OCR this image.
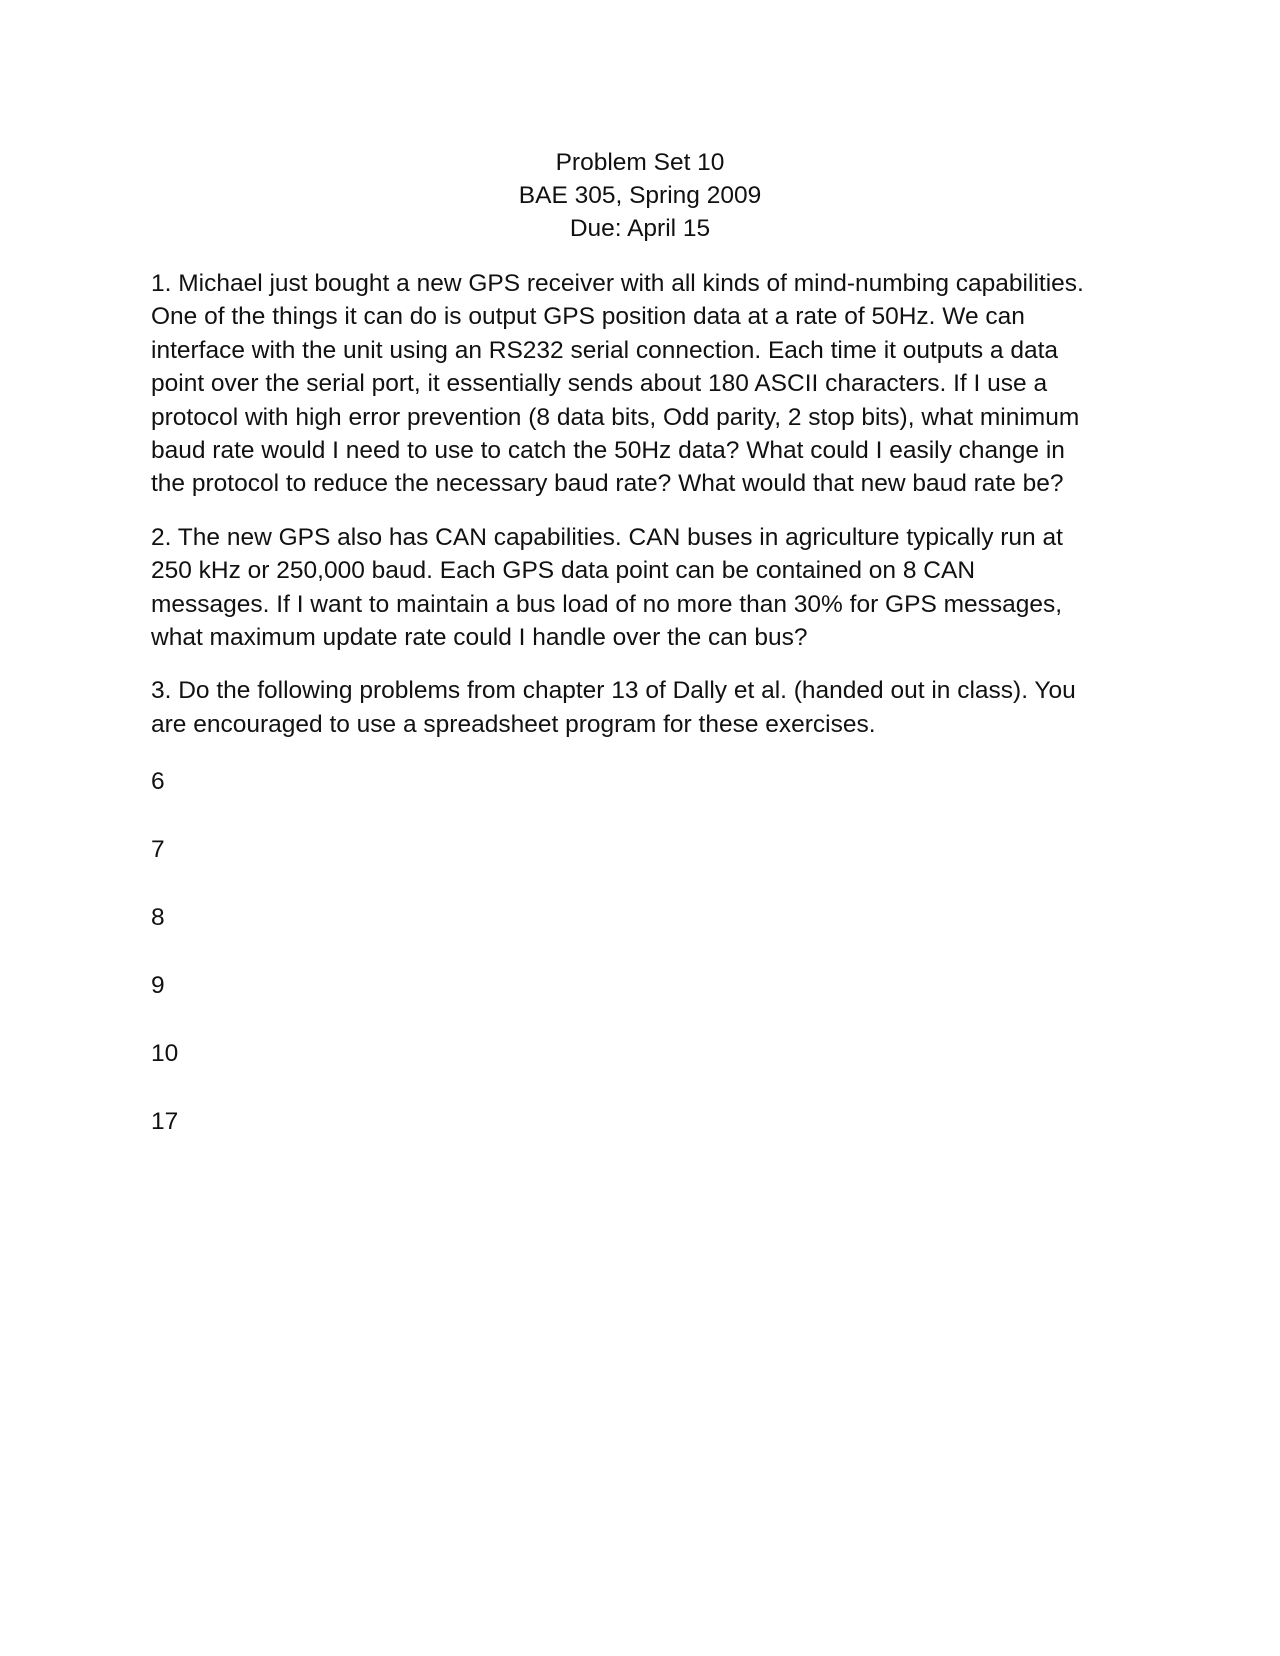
Problem Set 10
BAE 305, Spring 2009
Due: April 15
1. Michael just bought a new GPS receiver with all kinds of mind-numbing capabilities.
One of the things it can do is output GPS position data at a rate of 50Hz. We can
interface with the unit using an RS232 serial connection. Each time it outputs a data
point over the serial port, it essentially sends about 180 ASCII characters. If I use a
protocol with high error prevention (8 data bits, Odd parity, 2 stop bits), what minimum
baud rate would I need to use to catch the 50Hz data? What could I easily change in
the protocol to reduce the necessary baud rate? What would that new baud rate be?
2. The new GPS also has CAN capabilities. CAN buses in agriculture typically run at
250 kHz or 250,000 baud. Each GPS data point can be contained on 8 CAN
messages. If I want to maintain a bus load of no more than 30% for GPS messages,
what maximum update rate could I handle over the can bus?
3. Do the following problems from chapter 13 of Dally et al. (handed out in class). You
are encouraged to use a spreadsheet program for these exercises.
6
7
8
9
10
17
